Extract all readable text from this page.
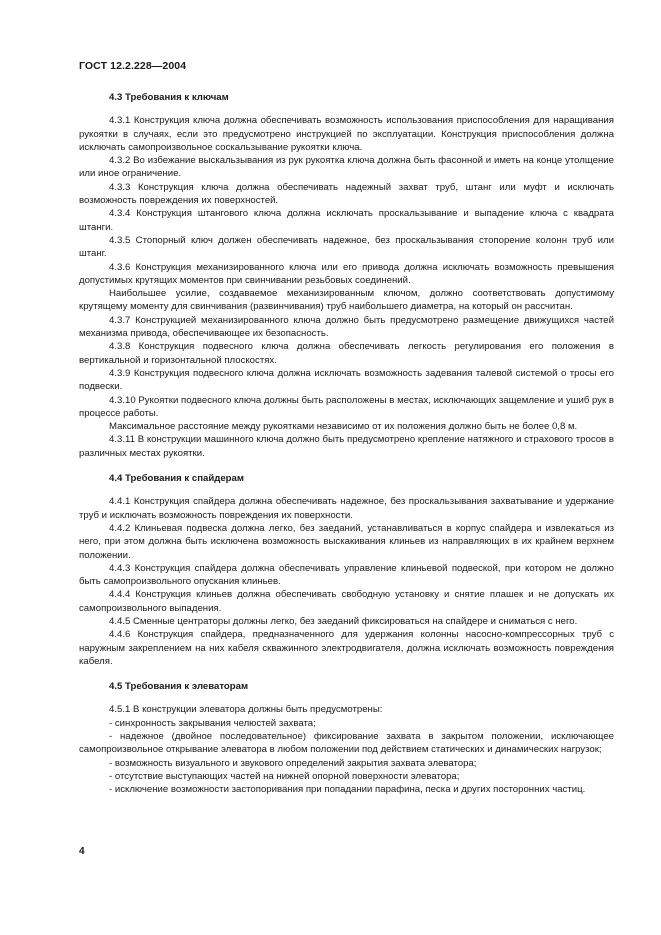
ГОСТ 12.2.228—2004
4.3 Требования к ключам

4.3.1 Конструкция ключа должна обеспечивать возможность использования приспособления для наращивания рукоятки в случаях, если это предусмотрено инструкцией по эксплуатации. Конструкция приспособления должна исключать самопроизвольное соскальзывание рукоятки ключа.

4.3.2 Во избежание выскальзывания из рук рукоятка ключа должна быть фасонной и иметь на конце утолщение или иное ограничение.

4.3.3 Конструкция ключа должна обеспечивать надежный захват труб, штанг или муфт и исключать возможность повреждения их поверхностей.

4.3.4 Конструкция штангового ключа должна исключать проскальзывание и выпадение ключа с квадрата штанги.

4.3.5 Стопорный ключ должен обеспечивать надежное, без проскальзывания стопорение колонн труб или штанг.

4.3.6 Конструкция механизированного ключа или его привода должна исключать возможность превышения допустимых крутящих моментов при свинчивании резьбовых соединений.

Наибольшее усилие, создаваемое механизированным ключом, должно соответствовать допустимому крутящему моменту для свинчивания (развинчивания) труб наибольшего диаметра, на который он рассчитан.

4.3.7 Конструкцией механизированного ключа должно быть предусмотрено размещение движущихся частей механизма привода, обеспечивающее их безопасность.

4.3.8 Конструкция подвесного ключа должна обеспечивать легкость регулирования его положения в вертикальной и горизонтальной плоскостях.

4.3.9 Конструкция подвесного ключа должна исключать возможность задевания талевой системой о тросы его подвески.

4.3.10 Рукоятки подвесного ключа должны быть расположены в местах, исключающих защемление и ушиб рук в процессе работы.

Максимальное расстояние между рукоятками независимо от их положения должно быть не более 0,8 м.

4.3.11 В конструкции машинного ключа должно быть предусмотрено крепление натяжного и страхового тросов в различных местах рукоятки.

4.4 Требования к спайдерам

4.4.1 Конструкция спайдера должна обеспечивать надежное, без проскальзывания захватывание и удержание труб и исключать возможность повреждения их поверхности.

4.4.2 Клиньевая подвеска должна легко, без заеданий, устанавливаться в корпус спайдера и извлекаться из него, при этом должна быть исключена возможность выскакивания клиньев из направляющих в их крайнем верхнем положении.

4.4.3 Конструкция спайдера должна обеспечивать управление клиньевой подвеской, при котором не должно быть самопроизвольного опускания клиньев.

4.4.4 Конструкция клиньев должна обеспечивать свободную установку и снятие плашек и не допускать их самопроизвольного выпадения.

4.4.5 Сменные центраторы должны легко, без заеданий фиксироваться на спайдере и сниматься с него.

4.4.6 Конструкция спайдера, предназначенного для удержания колонны насосно-компрессорных труб с наружным закреплением на них кабеля скважинного электродвигателя, должна исключать возможность повреждения кабеля.

4.5 Требования к элеваторам

4.5.1 В конструкции элеватора должны быть предусмотрены:

- синхронность закрывания челюстей захвата;

- надежное (двойное последовательное) фиксирование захвата в закрытом положении, исключающее самопроизвольное открывание элеватора в любом положении под действием статических и динамических нагрузок;

- возможность визуального и звукового определений закрытия захвата элеватора;

- отсутствие выступающих частей на нижней опорной поверхности элеватора;

- исключение возможности застопоривания при попадании парафина, песка и других посторонних частиц.

4
